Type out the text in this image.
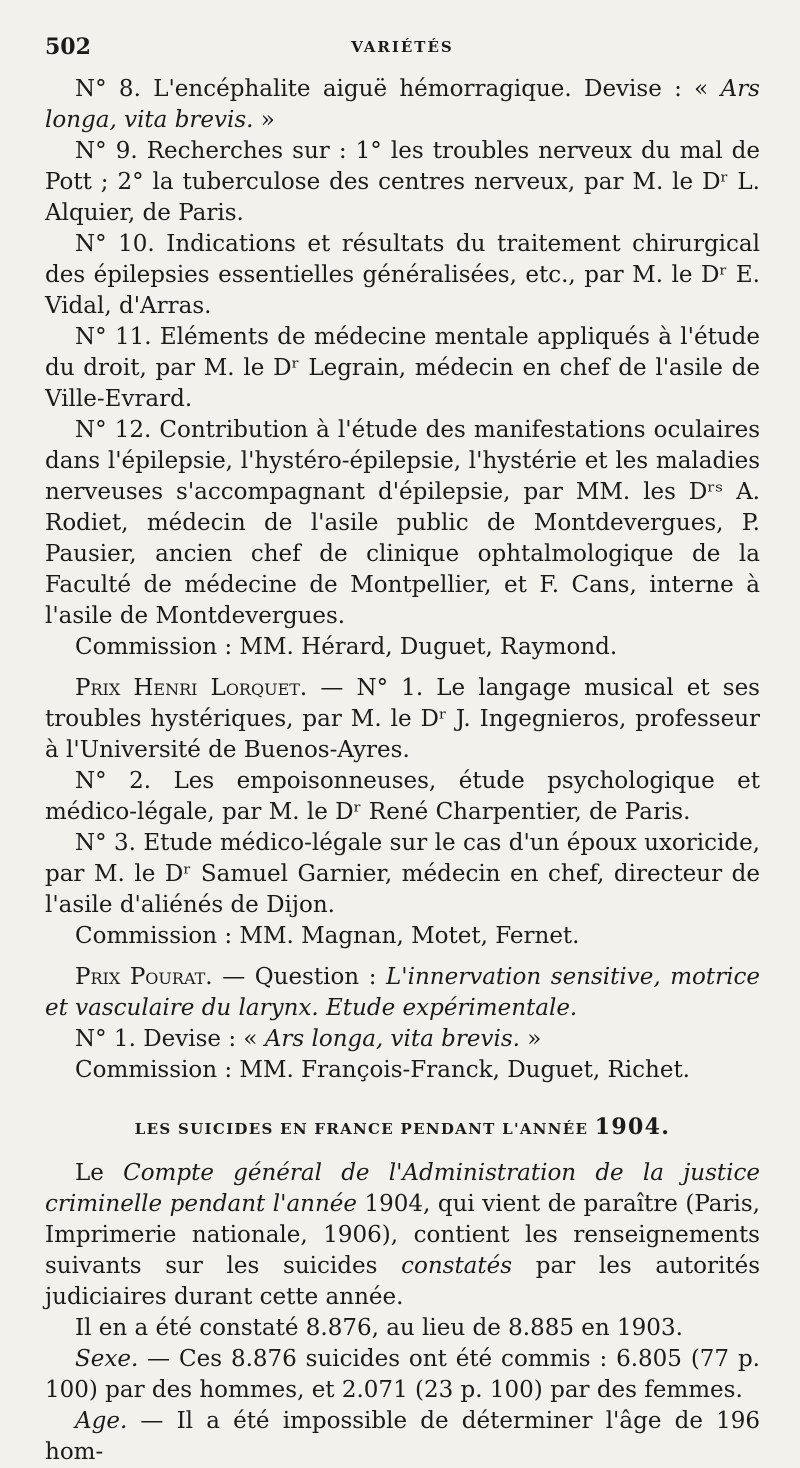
502	VARIÉTÉS

N° 8. L'encéphalite aiguë hémorragique. Devise : « Ars longa, vita brevis. »

N° 9. Recherches sur : 1° les troubles nerveux du mal de Pott ; 2° la tuberculose des centres nerveux, par M. le Dʳ L. Alquier, de Paris.

N° 10. Indications et résultats du traitement chirurgical des épilepsies essentielles généralisées, etc., par M. le Dʳ E. Vidal, d'Arras.

N° 11. Eléments de médecine mentale appliqués à l'étude du droit, par M. le Dʳ Legrain, médecin en chef de l'asile de Ville-Evrard.

N° 12. Contribution à l'étude des manifestations oculaires dans l'épilepsie, l'hystéro-épilepsie, l'hystérie et les maladies nerveuses s'accompagnant d'épilepsie, par MM. les Dʳˢ A. Rodiet, médecin de l'asile public de Montdevergues, P. Pausier, ancien chef de clinique ophtalmologique de la Faculté de médecine de Montpellier, et F. Cans, interne à l'asile de Montdevergues.

Commission : MM. Hérard, Duguet, Raymond.

Prix Henri Lorquet. — N° 1. Le langage musical et ses troubles hystériques, par M. le Dʳ J. Ingegnieros, professeur à l'Université de Buenos-Ayres.

N° 2. Les empoisonneuses, étude psychologique et médico-légale, par M. le Dʳ René Charpentier, de Paris.

N° 3. Etude médico-légale sur le cas d'un époux uxoricide, par M. le Dʳ Samuel Garnier, médecin en chef, directeur de l'asile d'aliénés de Dijon.

Commission : MM. Magnan, Motet, Fernet.

Prix Pourat. — Question : L'innervation sensitive, motrice et vasculaire du larynx. Etude expérimentale.

N° 1. Devise : « Ars longa, vita brevis. »

Commission : MM. François-Franck, Duguet, Richet.

LES SUICIDES EN FRANCE PENDANT L'ANNÉE 1904.

Le Compte général de l'Administration de la justice criminelle pendant l'année 1904, qui vient de paraître (Paris, Imprimerie nationale, 1906), contient les renseignements suivants sur les suicides constatés par les autorités judiciaires durant cette année.

Il en a été constaté 8.876, au lieu de 8.885 en 1903.

Sexe. — Ces 8.876 suicides ont été commis : 6.805 (77 p. 100) par des hommes, et 2.071 (23 p. 100) par des femmes.

Age. — Il a été impossible de déterminer l'âge de 196 hom-
